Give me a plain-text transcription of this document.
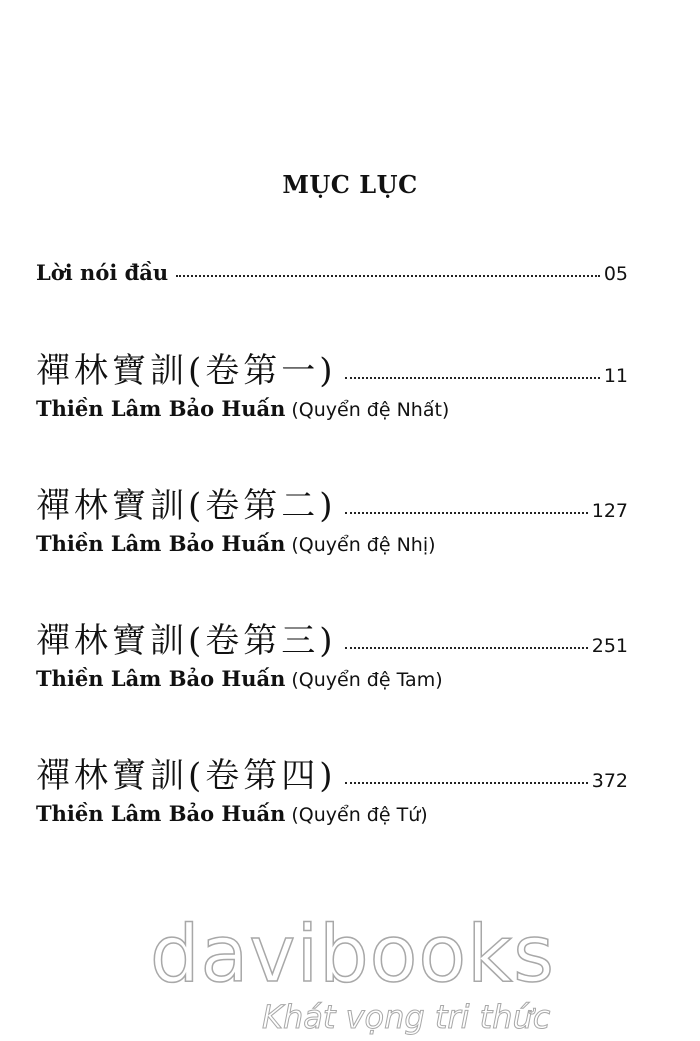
MỤC LỤC
Lời nói đầu	05
禪林寶訓(卷第一)	11
Thiền Lâm Bảo Huấn (Quyển đệ Nhất)
禪林寶訓(卷第二)	127
Thiền Lâm Bảo Huấn (Quyển đệ Nhị)
禪林寶訓(卷第三)	251
Thiền Lâm Bảo Huấn (Quyển đệ Tam)
禪林寶訓(卷第四)	372
Thiền Lâm Bảo Huấn (Quyển đệ Tứ)
davibooks
Khát vọng tri thức
